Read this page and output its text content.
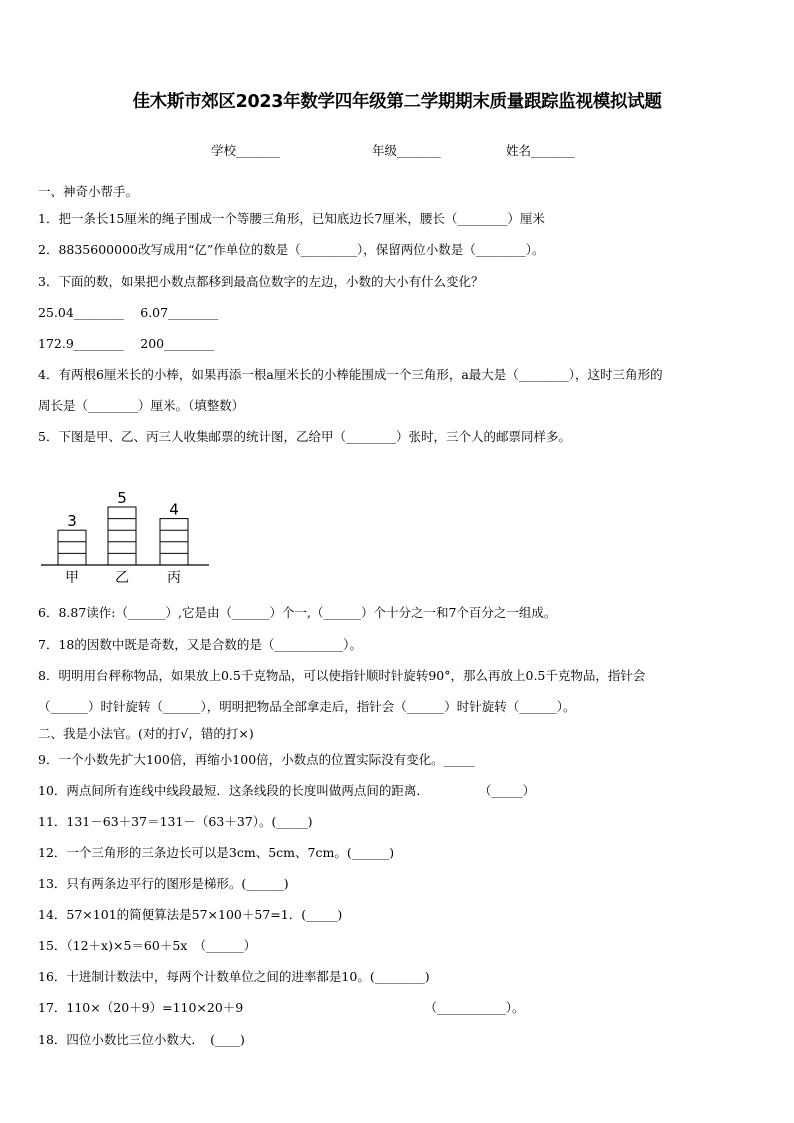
佳木斯市郊区2023年数学四年级第二学期期末质量跟踪监视模拟试题
学校_______	年级_______	姓名_______
一、神奇小帮手。
1．把一条长15厘米的绳子围成一个等腰三角形，已知底边长7厘米，腰长（________）厘米
2．8835600000改写成用“亿”作单位的数是（_________），保留两位小数是（________）。
3．下面的数，如果把小数点都移到最高位数字的左边，小数的大小有什么变化？
25.04________　 6.07________
172.9________　 200________
4．有两根6厘米长的小棒，如果再添一根a厘米长的小棒能围成一个三角形，a最大是（________），这时三角形的
周长是（________）厘米。（填整数）
5．下图是甲、乙、丙三人收集邮票的统计图，乙给甲（________）张时，三个人的邮票同样多。
3
甲
5
乙
4
丙
6．8.87读作:（______）,它是由（______）个一,（______）个十分之一和7个百分之一组成。
7．18的因数中既是奇数，又是合数的是（___________）。
8．明明用台秤称物品，如果放上0.5千克物品，可以使指针顺时针旋转90°，那么再放上0.5千克物品，指针会
（______）时针旋转（______），明明把物品全部拿走后，指针会（______）时针旋转（______）。
二、我是小法官。(对的打√，错的打×)
9．一个小数先扩大100倍，再缩小100倍，小数点的位置实际没有变化。_____
10．两点间所有连线中线段最短．这条线段的长度叫做两点间的距离．　　　　　（_____）
11．131－63＋37＝131－（63＋37）。(_____)
12．一个三角形的三条边长可以是3cm、5cm、7cm。(______)
13．只有两条边平行的图形是梯形。(______)
14．57×101的简便算法是57×100＋57=1．(_____)
15．（12＋x)×5＝60＋5x　（______）
16．十进制计数法中，每两个计数单位之间的进率都是10。(________)
17．110×（20＋9）=110×20＋9　　　　　　　　　　　　　　　（___________）。
18．四位小数比三位小数大．　(____)
